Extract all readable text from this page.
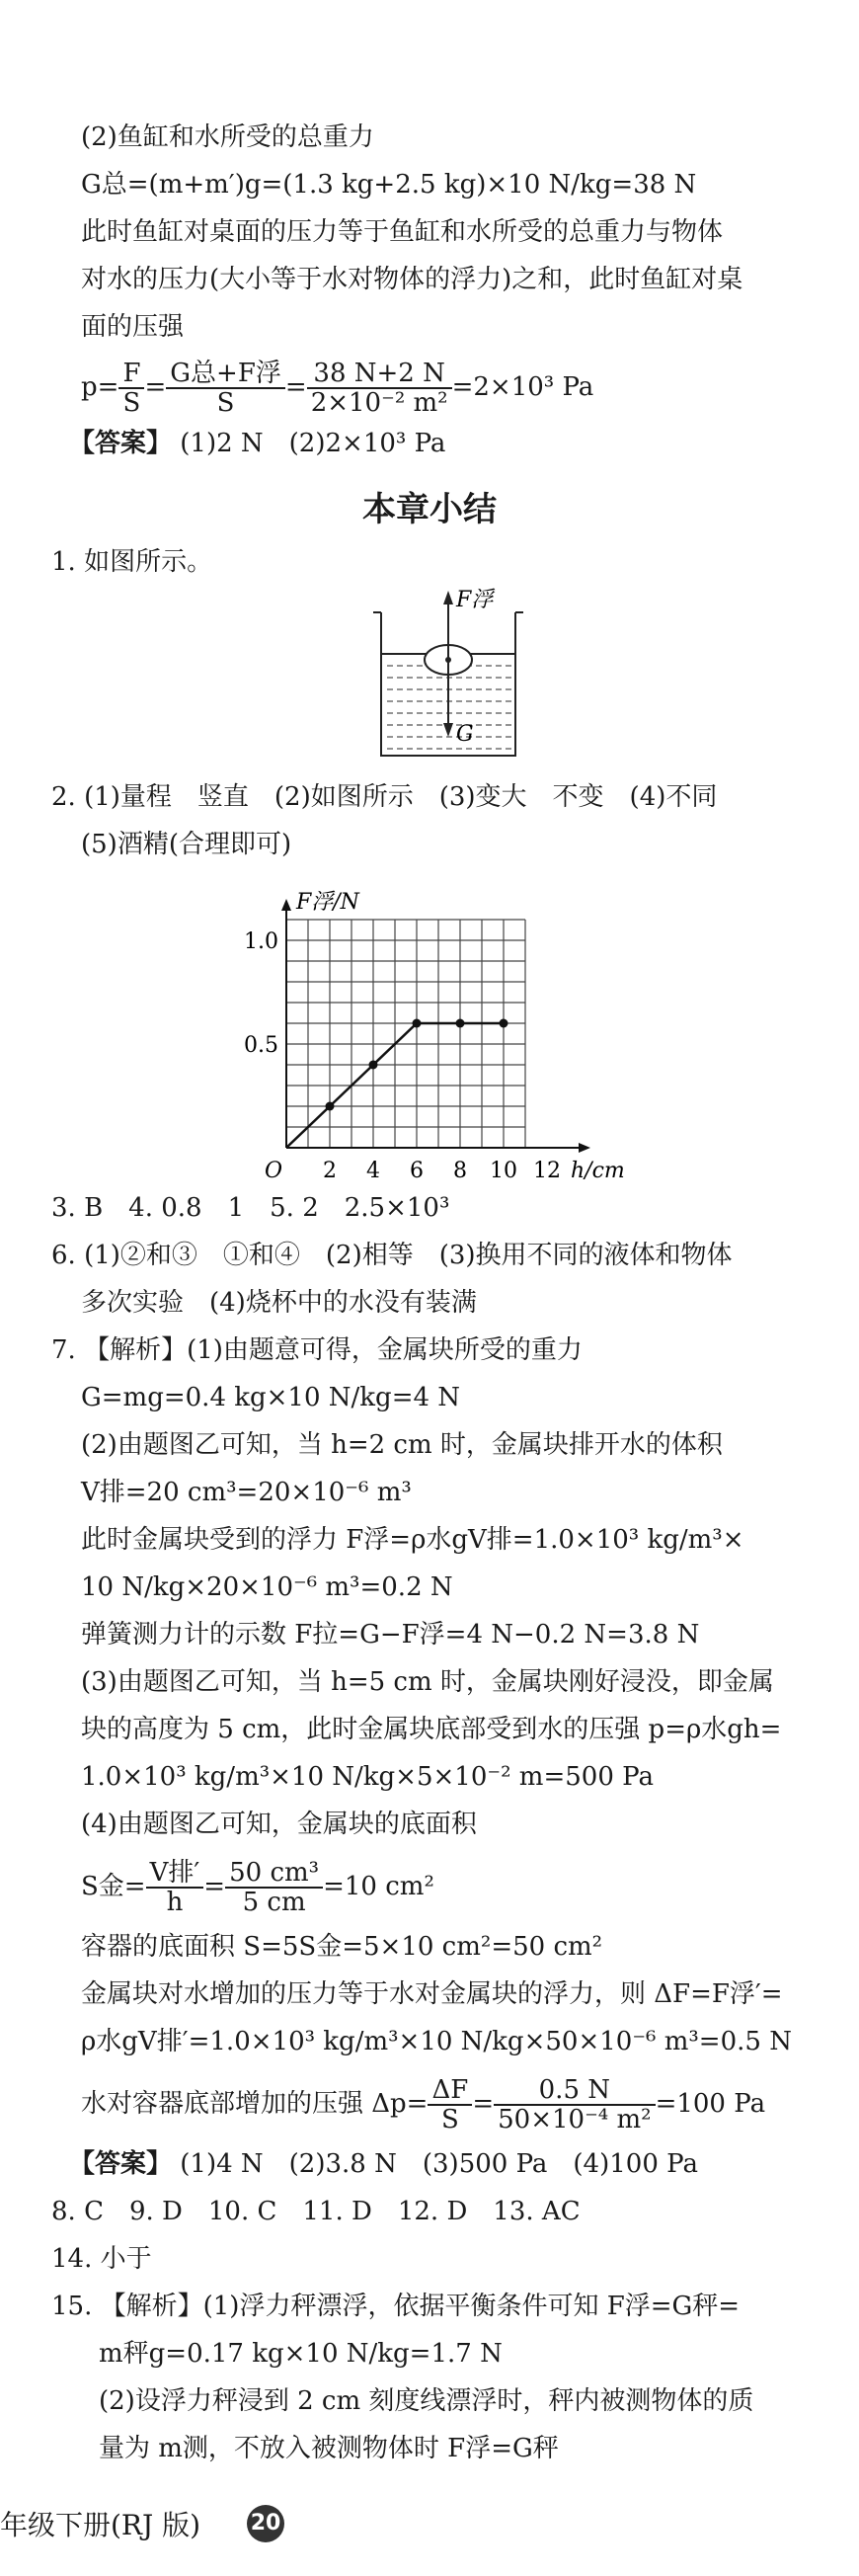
(2)鱼缸和水所受的总重力
G总=(m+m′)g=(1.3 kg+2.5 kg)×10 N/kg=38 N
此时鱼缸对桌面的压力等于鱼缸和水所受的总重力与物体
对水的压力(大小等于水对物体的浮力)之和，此时鱼缸对桌
面的压强
$p= \frac{F}{S} = \frac{\text{G总+F浮}}{S} = \frac{38 N+2 N}{\text{2×10⁻² m²}} =2\times 10^3$ Pa
【答案】 (1)2 N　(2)2×10³ Pa
本章小结
1. 如图所示。
F浮
G
2. (1)量程　竖直　(2)如图所示　(3)变大　不变　(4)不同
(5)酒精(合理即可)
2 4 6 8 10 12
0.5
1.0
F浮/N
h/cm
O
3. B　4. 0.8　1　5. 2　2.5×10³
6. (1)②和③　①和④　(2)相等　(3)换用不同的液体和物体
多次实验　(4)烧杯中的水没有装满
7. 【解析】(1)由题意可得，金属块所受的重力
G=mg=0.4 kg×10 N/kg=4 N
(2)由题图乙可知，当 h=2 cm 时，金属块排开水的体积
V排=20 cm³=20×10⁻⁶ m³
此时金属块受到的浮力 F浮=ρ水gV排=1.0×10³ kg/m³×
10 N/kg×20×10⁻⁶ m³=0.2 N
弹簧测力计的示数 F拉=G−F浮=4 N−0.2 N=3.8 N
(3)由题图乙可知，当 h=5 cm 时，金属块刚好浸没，即金属
块的高度为 5 cm，此时金属块底部受到水的压强 p=ρ水gh=
1.0×10³ kg/m³×10 N/kg×5×10⁻² m=500 Pa
(4)由题图乙可知，金属块的底面积
S金= $\frac{\text{V排′}}{h} = \frac{\text{50 cm³}}{5 cm} =10$ cm²
容器的底面积 S=5S金=5×10 cm²=50 cm²
金属块对水增加的压力等于水对金属块的浮力，则 ΔF=F浮′=
ρ水gV排′=1.0×10³ kg/m³×10 N/kg×50×10⁻⁶ m³=0.5 N
水对容器底部增加的压强 $\Delta p= \frac{\Delta F}{S} = \frac{0.5 N}{\text{50×10⁻⁴ m²}} =100$ Pa
【答案】 (1)4 N　(2)3.8 N　(3)500 Pa　(4)100 Pa
8. C　9. D　10. C　11. D　12. D　13. AC
14. 小于
15. 【解析】(1)浮力秤漂浮，依据平衡条件可知 F浮=G秤=
m秤g=0.17 kg×10 N/kg=1.7 N
(2)设浮力秤浸到 2 cm 刻度线漂浮时，秤内被测物体的质
量为 m测，不放入被测物体时 F浮=G秤
年级下册(RJ 版) 20
